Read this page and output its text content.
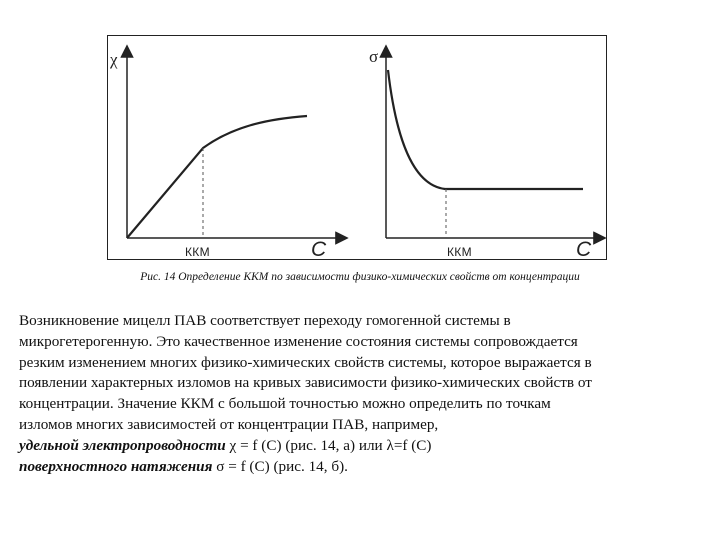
χ
C
ККМ
σ
C
ККМ
Рис. 14 Определение ККМ по зависимости физико-химических свойств от концентрации
Возникновение мицелл ПАВ соответствует переходу гомогенной системы в
микрогетерогенную. Это качественное изменение состояния системы сопровождается
резким изменением многих физико-химических свойств системы, которое выражается в
появлении характерных изломов на кривых зависимости физико-химических свойств от
концентрации. Значение ККМ с большой точностью можно определить по точкам
изломов многих зависимостей от концентрации ПАВ, например,
удельной электропроводности χ = f (C) (рис. 14, а) или λ=f (C)
поверхностного натяжения σ = f (C) (рис. 14, б).
